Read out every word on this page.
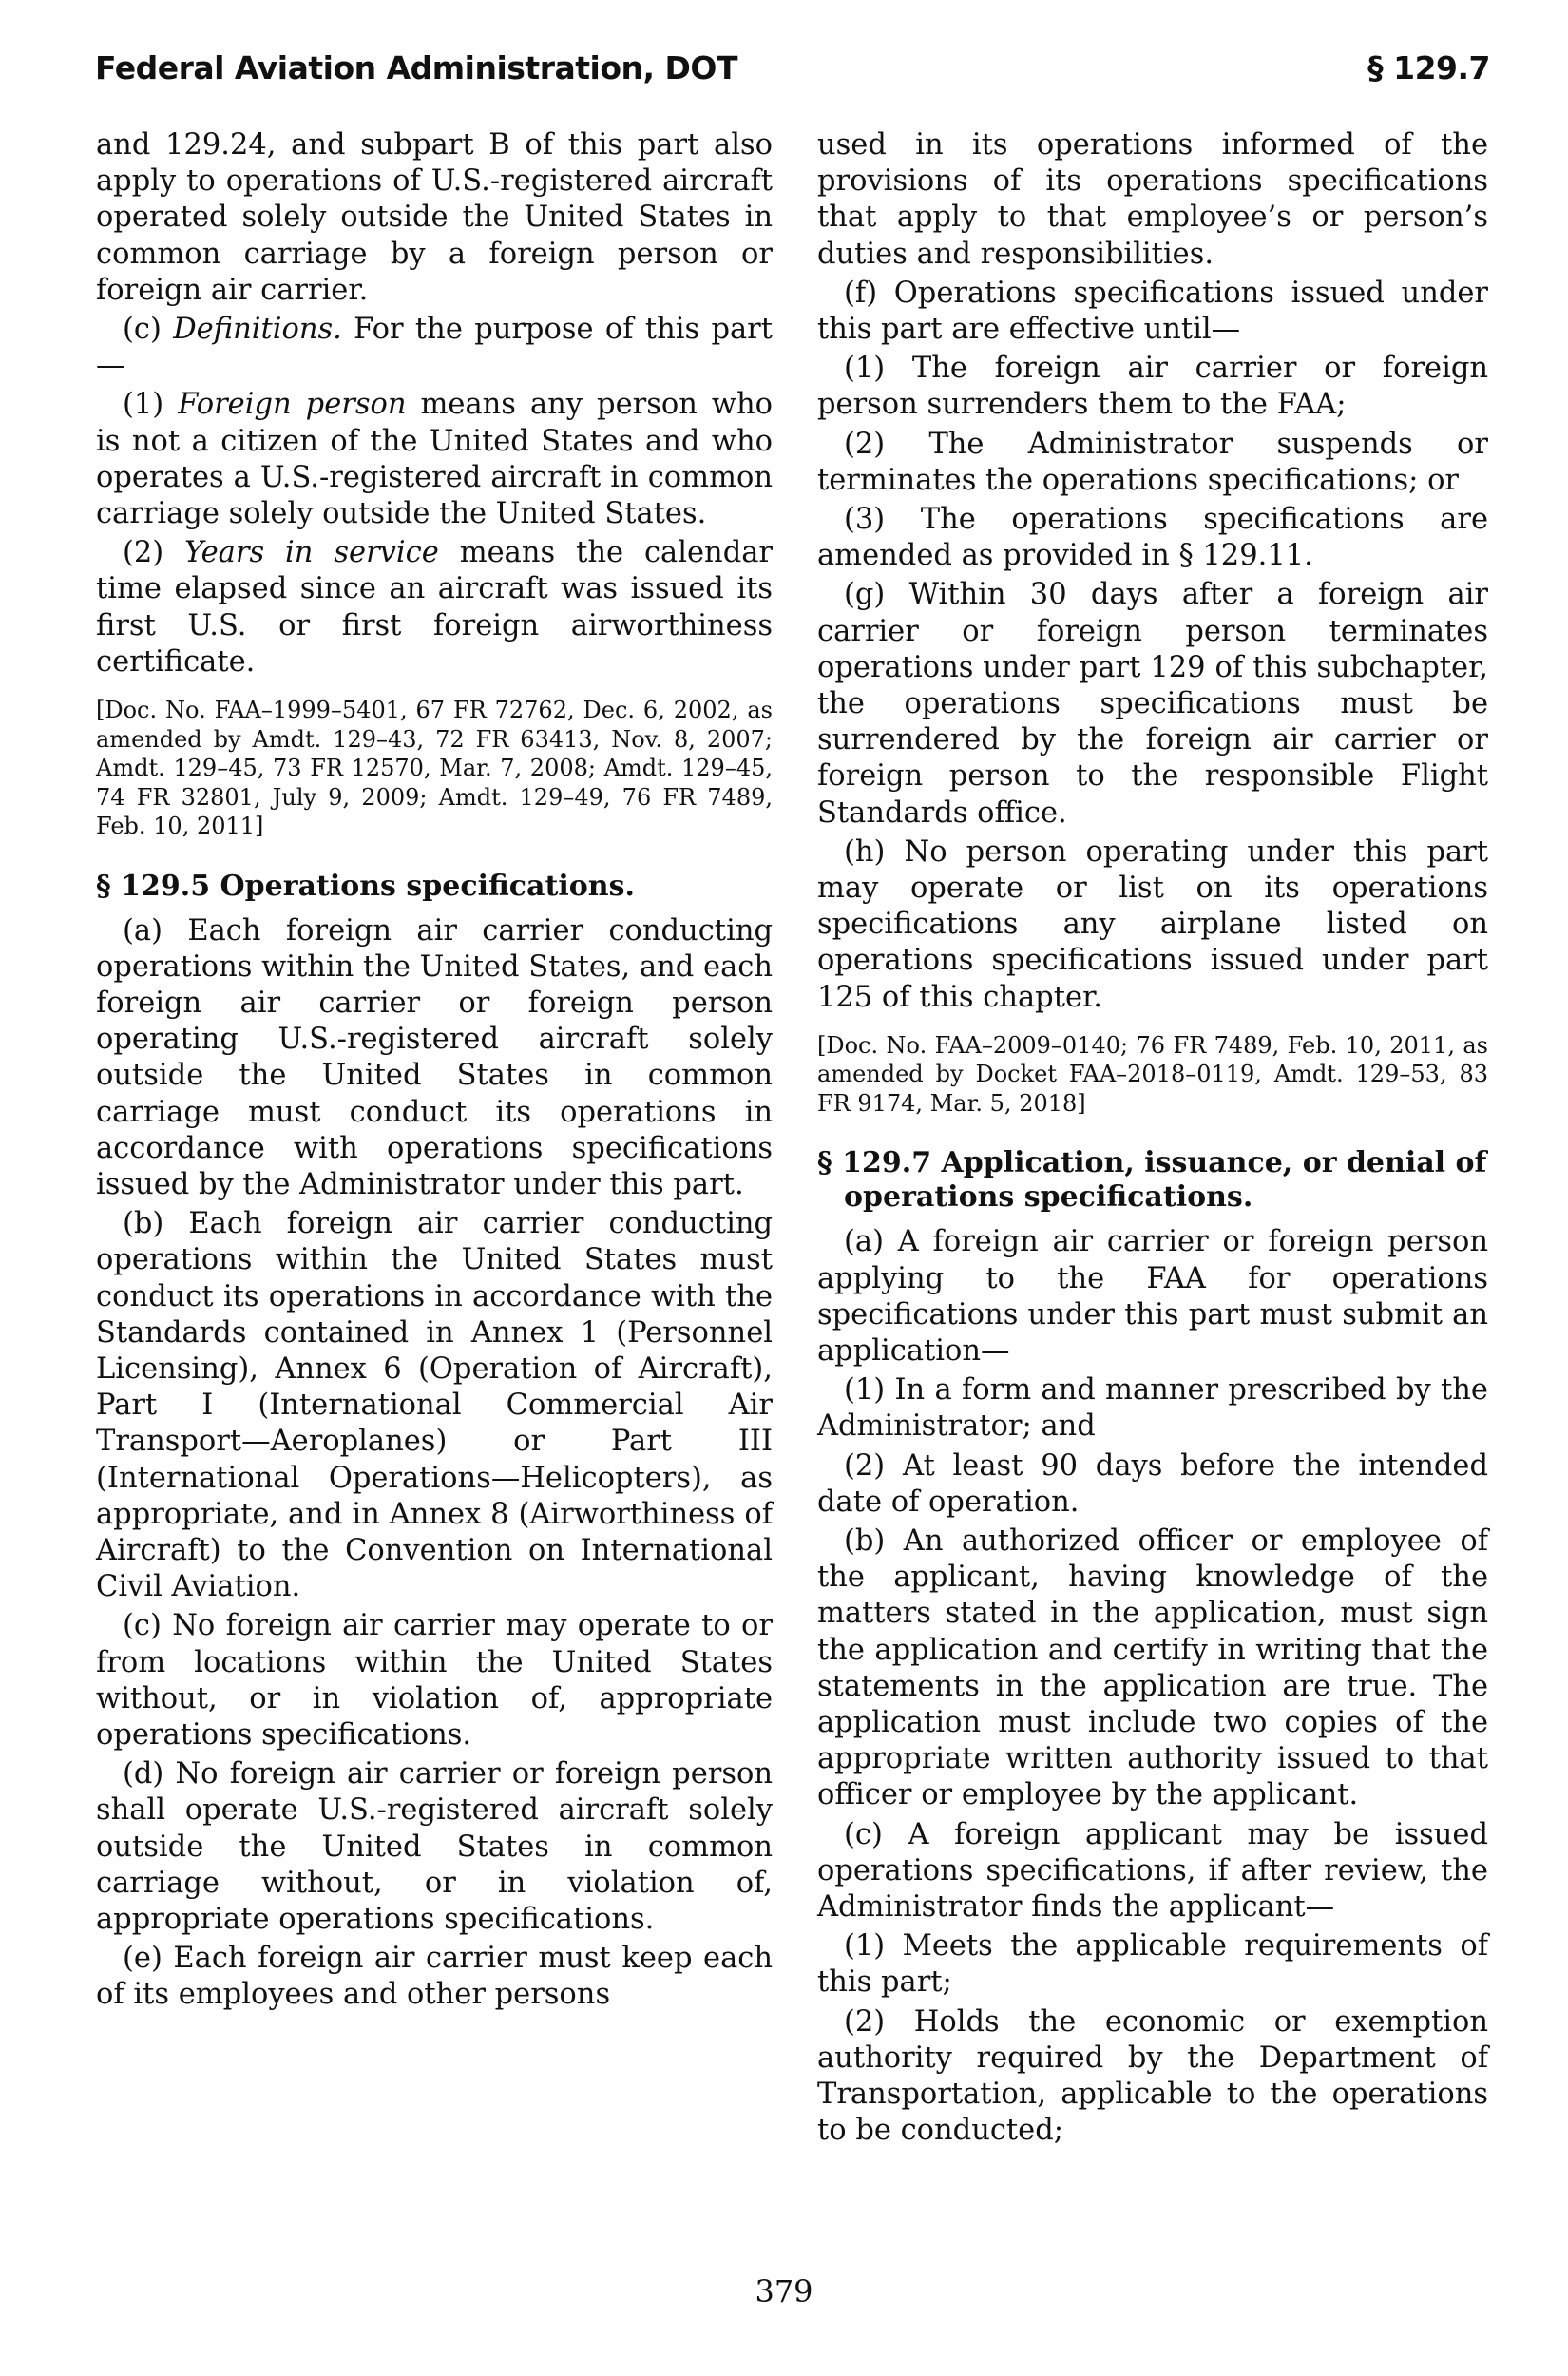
Federal Aviation Administration, DOT	§ 129.7

and 129.24, and subpart B of this part also apply to operations of U.S.-registered aircraft operated solely outside the United States in common carriage by a foreign person or foreign air carrier.

(c) Definitions. For the purpose of this part—

(1) Foreign person means any person who is not a citizen of the United States and who operates a U.S.-registered aircraft in common carriage solely outside the United States.

(2) Years in service means the calendar time elapsed since an aircraft was issued its first U.S. or first foreign airworthiness certificate.

[Doc. No. FAA–1999–5401, 67 FR 72762, Dec. 6, 2002, as amended by Amdt. 129–43, 72 FR 63413, Nov. 8, 2007; Amdt. 129–45, 73 FR 12570, Mar. 7, 2008; Amdt. 129–45, 74 FR 32801, July 9, 2009; Amdt. 129–49, 76 FR 7489, Feb. 10, 2011]

§ 129.5 Operations specifications.

(a) Each foreign air carrier conducting operations within the United States, and each foreign air carrier or foreign person operating U.S.-registered aircraft solely outside the United States in common carriage must conduct its operations in accordance with operations specifications issued by the Administrator under this part.

(b) Each foreign air carrier conducting operations within the United States must conduct its operations in accordance with the Standards contained in Annex 1 (Personnel Licensing), Annex 6 (Operation of Aircraft), Part I (International Commercial Air Transport—Aeroplanes) or Part III (International Operations—Helicopters), as appropriate, and in Annex 8 (Airworthiness of Aircraft) to the Convention on International Civil Aviation.

(c) No foreign air carrier may operate to or from locations within the United States without, or in violation of, appropriate operations specifications.

(d) No foreign air carrier or foreign person shall operate U.S.-registered aircraft solely outside the United States in common carriage without, or in violation of, appropriate operations specifications.

(e) Each foreign air carrier must keep each of its employees and other persons

used in its operations informed of the provisions of its operations specifications that apply to that employee’s or person’s duties and responsibilities.

(f) Operations specifications issued under this part are effective until—

(1) The foreign air carrier or foreign person surrenders them to the FAA;

(2) The Administrator suspends or terminates the operations specifications; or

(3) The operations specifications are amended as provided in § 129.11.

(g) Within 30 days after a foreign air carrier or foreign person terminates operations under part 129 of this subchapter, the operations specifications must be surrendered by the foreign air carrier or foreign person to the responsible Flight Standards office.

(h) No person operating under this part may operate or list on its operations specifications any airplane listed on operations specifications issued under part 125 of this chapter.

[Doc. No. FAA–2009–0140; 76 FR 7489, Feb. 10, 2011, as amended by Docket FAA–2018–0119, Amdt. 129–53, 83 FR 9174, Mar. 5, 2018]

§ 129.7 Application, issuance, or denial of operations specifications.

(a) A foreign air carrier or foreign person applying to the FAA for operations specifications under this part must submit an application—

(1) In a form and manner prescribed by the Administrator; and

(2) At least 90 days before the intended date of operation.

(b) An authorized officer or employee of the applicant, having knowledge of the matters stated in the application, must sign the application and certify in writing that the statements in the application are true. The application must include two copies of the appropriate written authority issued to that officer or employee by the applicant.

(c) A foreign applicant may be issued operations specifications, if after review, the Administrator finds the applicant—

(1) Meets the applicable requirements of this part;

(2) Holds the economic or exemption authority required by the Department of Transportation, applicable to the operations to be conducted;

379
